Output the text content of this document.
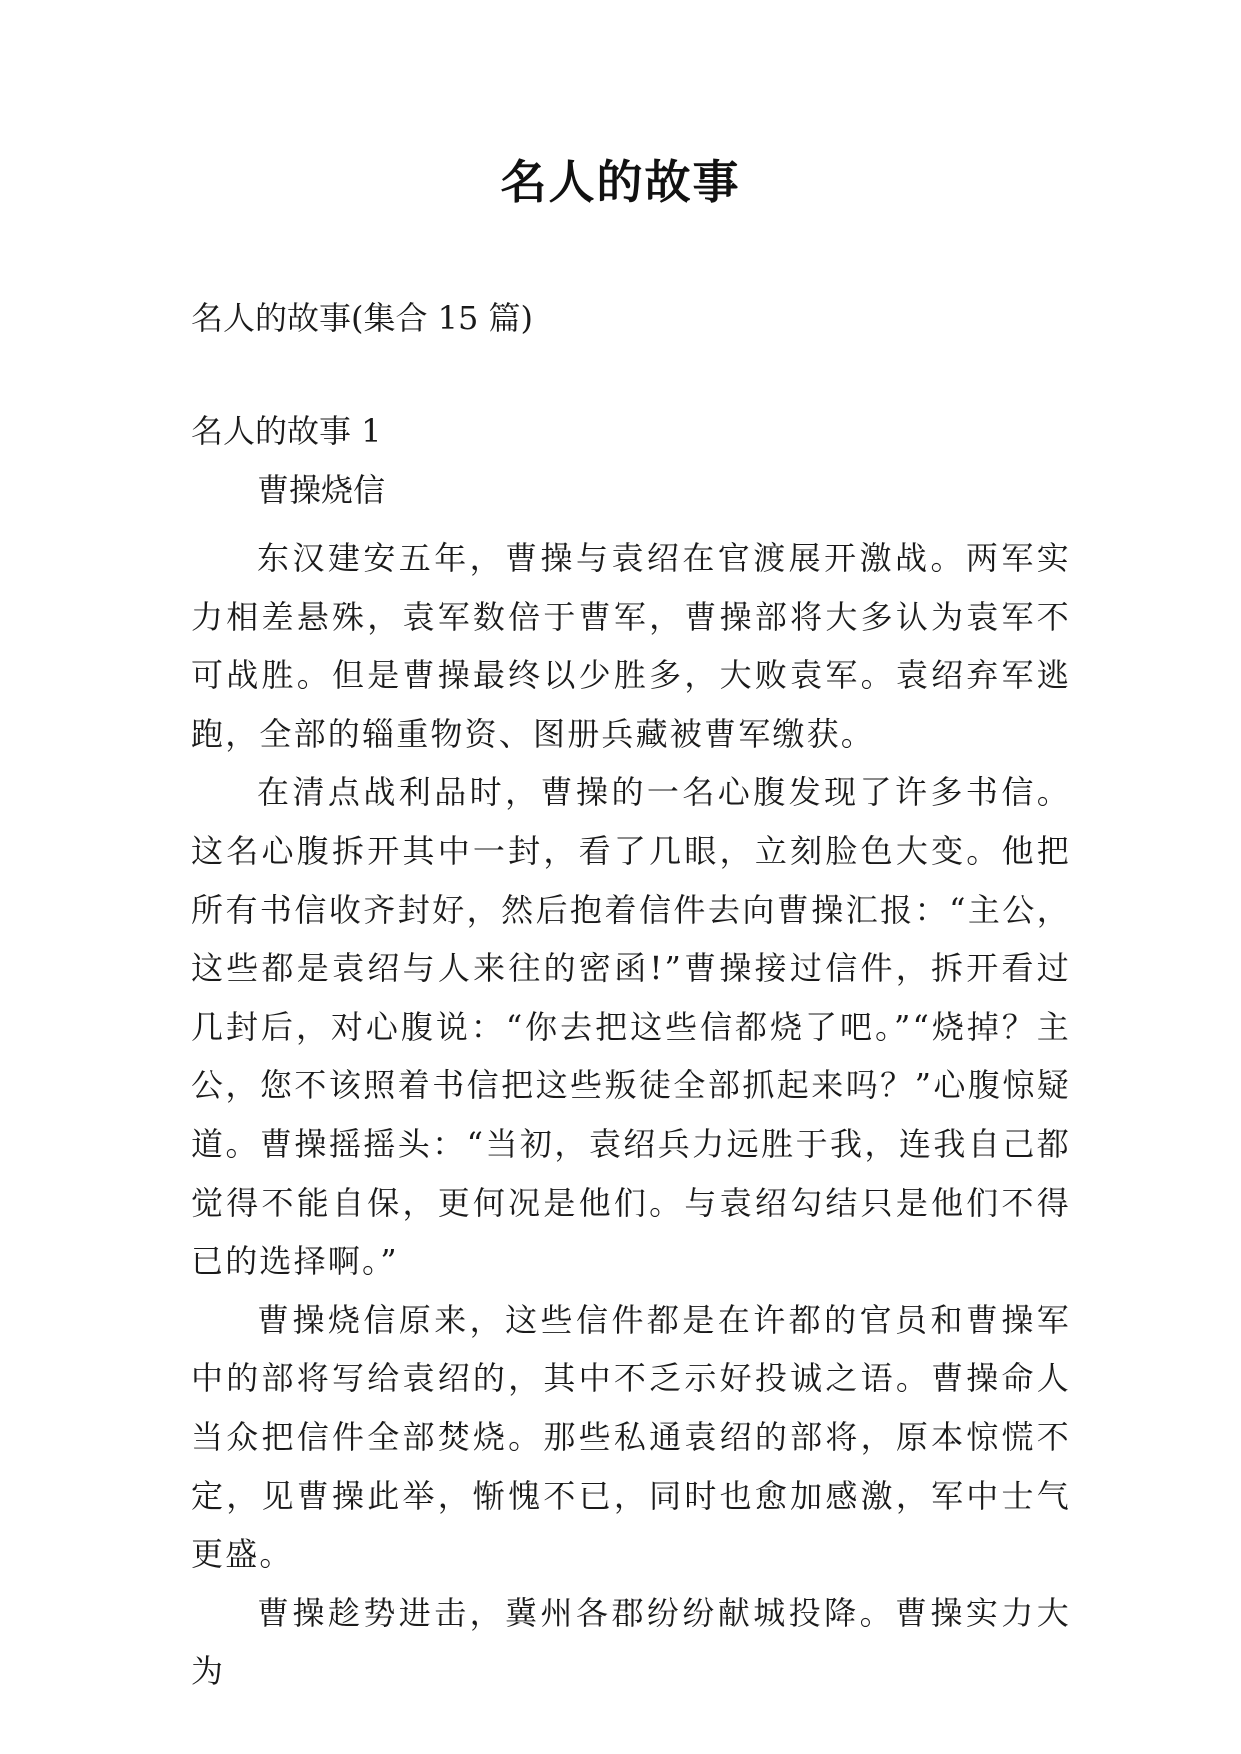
名人的故事
名人的故事(集合 15 篇)
名人的故事 1
曹操烧信

东汉建安五年，曹操与袁绍在官渡展开激战。两军实力相差悬殊，袁军数倍于曹军，曹操部将大多认为袁军不可战胜。但是曹操最终以少胜多，大败袁军。袁绍弃军逃跑，全部的辎重物资、图册兵藏被曹军缴获。

在清点战利品时，曹操的一名心腹发现了许多书信。这名心腹拆开其中一封，看了几眼，立刻脸色大变。他把所有书信收齐封好，然后抱着信件去向曹操汇报：“主公，这些都是袁绍与人来往的密函!”曹操接过信件，拆开看过几封后，对心腹说：“你去把这些信都烧了吧。”“烧掉？主公，您不该照着书信把这些叛徒全部抓起来吗？”心腹惊疑道。曹操摇摇头：“当初，袁绍兵力远胜于我，连我自己都觉得不能自保，更何况是他们。与袁绍勾结只是他们不得已的选择啊。”

曹操烧信原来，这些信件都是在许都的官员和曹操军中的部将写给袁绍的，其中不乏示好投诚之语。曹操命人当众把信件全部焚烧。那些私通袁绍的部将，原本惊慌不定，见曹操此举，惭愧不已，同时也愈加感激，军中士气更盛。

曹操趁势进击，冀州各郡纷纷献城投降。曹操实力大为
